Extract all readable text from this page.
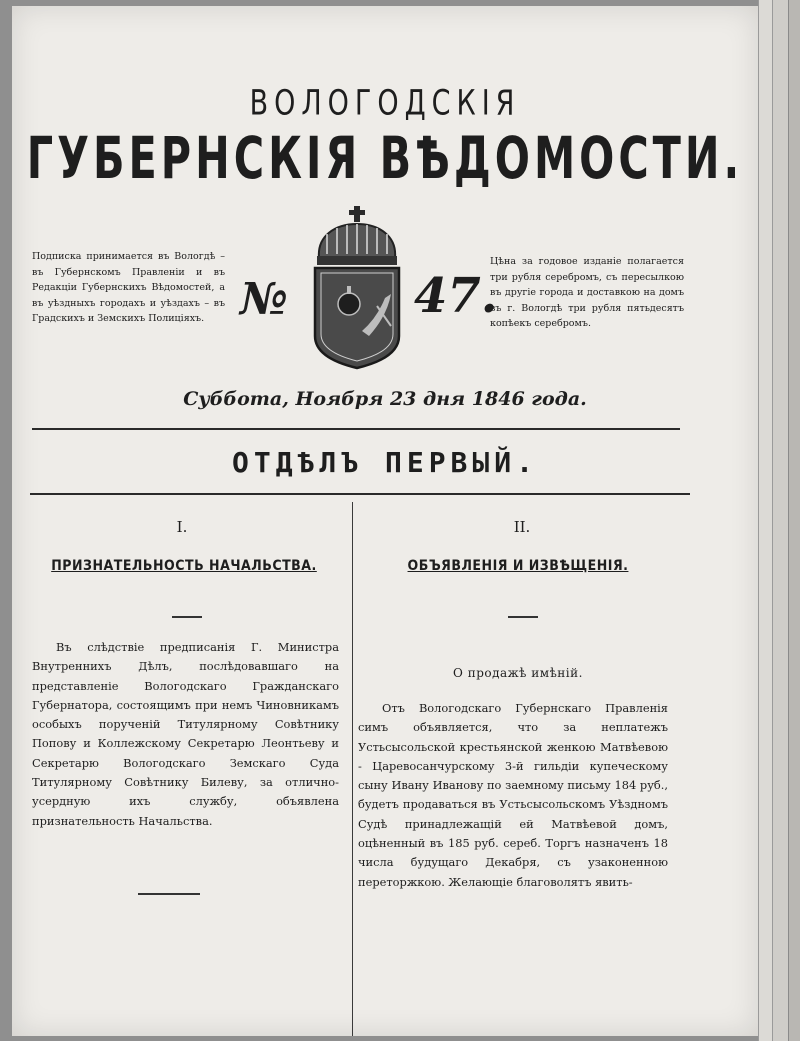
ВОЛОГОДСКІЯ
ГУБЕРНСКІЯ ВѢДОМОСТИ.
Подписка принимается въ Вологдѣ – въ Губернскомъ Правленіи и въ Редакціи Губернскихъ Вѣдомостей, а въ уѣздныхъ городахъ и уѣздахъ – въ Градскихъ и Земскихъ Полиціяхъ. №	47.
Цѣна за годовое изданіе полагается три рубля серебромъ, съ пересылкою въ другіе города и доставкою на домъ въ г. Вологдѣ три рубля пятьдесятъ копѣекъ серебромъ.
Суббота, Ноября 23 дня 1846 года.
ОТДѢЛЪ ПЕРВЫЙ.
I.
ПРИЗНАТЕЛЬНОСТЬ НАЧАЛЬСТВА.
Въ слѣдствіе предписанія Г. Министра Внутреннихъ Дѣлъ, послѣдовавшаго на представленіе Вологодскаго Гражданскаго Губернатора, состоящимъ при немъ Чиновникамъ особыхъ порученій Титулярному Совѣтнику Попову и Коллежскому Секретарю Леонтьеву и Секретарю Вологодскаго Земскаго Суда Титулярному Совѣтнику Билеву, за отлично-усердную ихъ службу, объявлена признательность Начальства.
II.
ОБЪЯВЛЕНІЯ И ИЗВѢЩЕНІЯ.
О продажѣ имѣній.
Отъ Вологодскаго Губернскаго Правленія симъ объявляется, что за неплатежъ Устьсысольской крестьянской женкою Матвѣевою - Царевосанчурскому 3-й гильдіи купеческому сыну Ивану Иванову по заемному письму 184 руб., будетъ продаваться въ Устьсысольскомъ Уѣздномъ Судѣ принадлежащій ей Матвѣевой домъ, оцѣненный въ 185 руб. сереб. Торгъ назначенъ 18 числа будущаго Декабря, съ узаконенною переторжкою. Желающіе благоволятъ явить-
